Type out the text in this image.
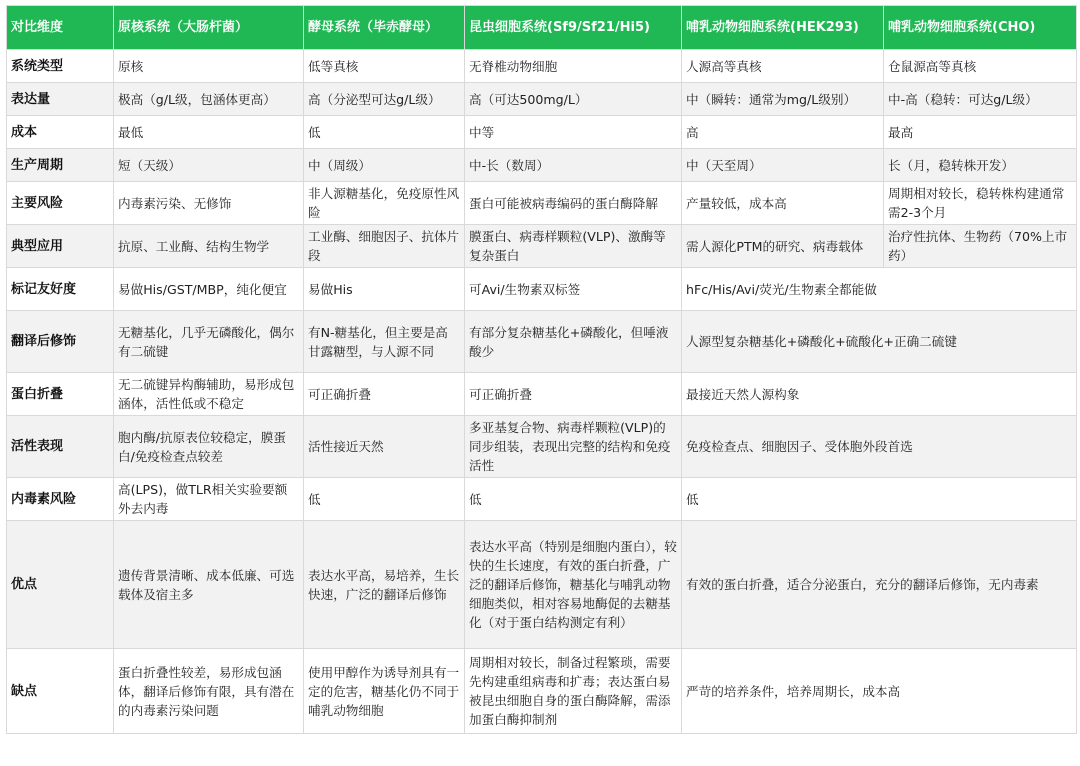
对比维度	原核系统（大肠杆菌）	酵母系统（毕赤酵母）	昆虫细胞系统(Sf9/Sf21/Hi5)	哺乳动物细胞系统(HEK293)	哺乳动物细胞系统(CHO)
系统类型	原核	低等真核	无脊椎动物细胞	人源高等真核	仓鼠源高等真核
表达量	极高（g/L级，包涵体更高）	高（分泌型可达g/L级）	高（可达500mg/L）	中（瞬转：通常为mg/L级别）	中-高（稳转：可达g/L级）
成本	最低	低	中等	高	最高
生产周期	短（天级）	中（周级）	中-长（数周）	中（天至周）	长（月，稳转株开发）
主要风险	内毒素污染、无修饰	非人源糖基化，免疫原性风险	蛋白可能被病毒编码的蛋白酶降解	产量较低，成本高	周期相对较长，稳转株构建通常需2-3个月
典型应用	抗原、工业酶、结构生物学	工业酶、细胞因子、抗体片段	膜蛋白、病毒样颗粒(VLP)、激酶等复杂蛋白	需人源化PTM的研究、病毒载体	治疗性抗体、生物药（70%上市药）
标记友好度	易做His/GST/MBP，纯化便宜	易做His	可Avi/生物素双标签	hFc/His/Avi/荧光/生物素全都能做	
翻译后修饰	无糖基化，几乎无磷酸化，偶尔有二硫键	有N-糖基化，但主要是高甘露糖型，与人源不同	有部分复杂糖基化+磷酸化，但唾液酸少	人源型复杂糖基化+磷酸化+硫酸化+正确二硫键	
蛋白折叠	无二硫键异构酶辅助，易形成包涵体，活性低或不稳定	可正确折叠	可正确折叠	最接近天然人源构象	
活性表现	胞内酶/抗原表位较稳定，膜蛋白/免疫检查点较差	活性接近天然	多亚基复合物、病毒样颗粒(VLP)的同步组装，表现出完整的结构和免疫活性	免疫检查点、细胞因子、受体胞外段首选	
内毒素风险	高(LPS)，做TLR相关实验要额外去内毒	低	低	低	
优点	遗传背景清晰、成本低廉、可选载体及宿主多	表达水平高，易培养，生长快速，广泛的翻译后修饰	表达水平高（特别是细胞内蛋白），较快的生长速度，有效的蛋白折叠，广泛的翻译后修饰，糖基化与哺乳动物细胞类似，相对容易地酶促的去糖基化（对于蛋白结构测定有利）	有效的蛋白折叠，适合分泌蛋白，充分的翻译后修饰，无内毒素	
缺点	蛋白折叠性较差，易形成包涵体，翻译后修饰有限，具有潜在的内毒素污染问题	使用甲醇作为诱导剂具有一定的危害，糖基化仍不同于哺乳动物细胞	周期相对较长，制备过程繁琐，需要先构建重组病毒和扩毒；表达蛋白易被昆虫细胞自身的蛋白酶降解，需添加蛋白酶抑制剂	严苛的培养条件，培养周期长，成本高	
